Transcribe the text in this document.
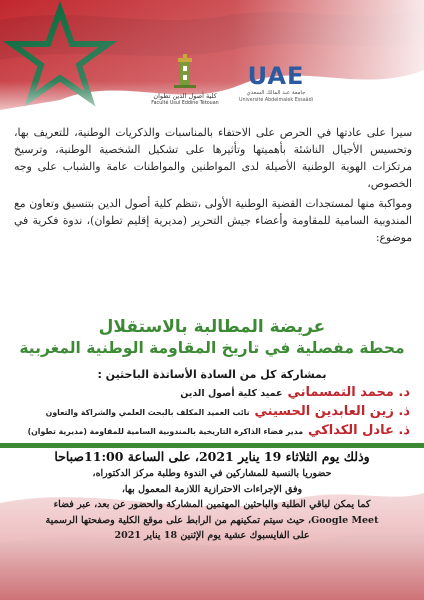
كلية أصول الدين تطوان
Faculté Usul Eddine Tétouan
UAE
جامعة عبد المالك السعدي
Université Abdelmalek Essaâdi

سيرا على عادتها في الحرص على الاحتفاء بالمناسبات والذكريات الوطنية، للتعريف بها، وتحسيس الأجيال الناشئة بأهميتها وتأثيرها على تشكيل الشخصية الوطنية، وترسيخ مرتكزات الهوية الوطنية الأصيلة لدى المواطنين والمواطنات عامة والشباب على وجه الخصوص،

ومواكبة منها لمستجدات القضية الوطنية الأولى ،تنظم كلية أصول الدين بتنسيق وتعاون مع المندوبية السامية للمقاومة وأعضاء جيش التحرير (مديرية إقليم تطوان)، ندوة فكرية في موضوع:

عريضة المطالبة بالاستقلال
محطة مفصلية في تاريخ المقاومة الوطنية المغربية
بمشاركة كل من السادة الأساتذة الباحثين :
د. محمد التمسماني
عميد كلية أصول الدين
ذ. زين العابدين الحسيني
نائب العميد المكلف بالبحث العلمي والشراكة والتعاون
ذ. عادل الكداكي
مدير فضاء الذاكرة التاريخية بالمندوبية السامية للمقاومة (مديرية تطوان)
وذلك يوم الثلاثاء 19 يناير 2021، على الساعة 11:00صباحا
حضوريا بالنسبة للمشاركين في الندوة وطلبة مركز الدكتوراه،
وفق الإجراءات الاحترازية اللازمة المعمول بها،
كما يمكن لباقي الطلبة والباحثين المهتمين المشاركة والحضور عن بعد، عبر فضاء
Google Meet، حيث سيتم تمكينهم من الرابط على موقع الكلية وصفحتها الرسمية
على الفايسبوك عشية يوم الإثنين 18 يناير 2021
